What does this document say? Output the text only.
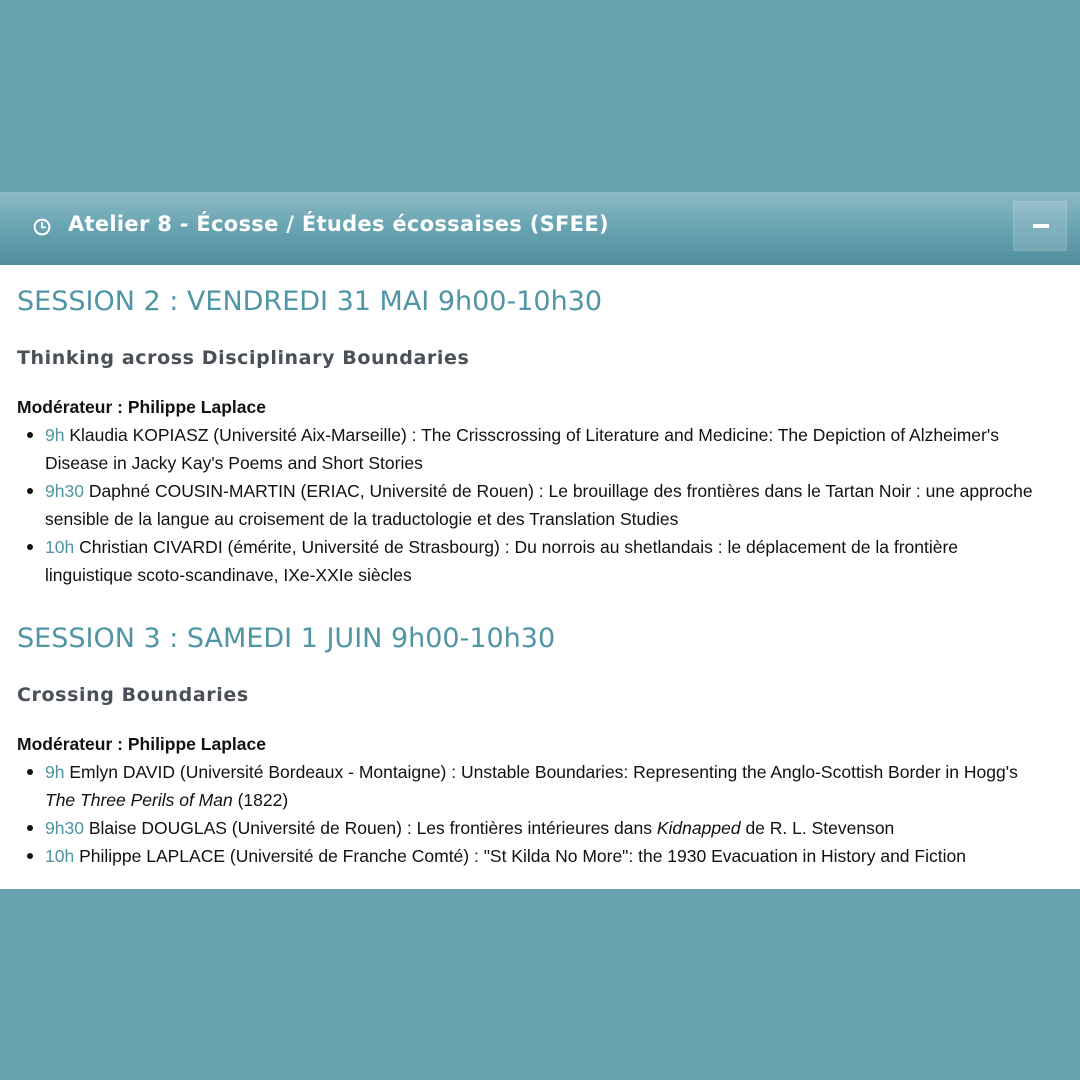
Atelier 8 - Écosse / Études écossaises (SFEE)
SESSION 2 : VENDREDI 31 MAI 9h00-10h30
Thinking across Disciplinary Boundaries
Modérateur : Philippe Laplace
9h Klaudia KOPIASZ (Université Aix-Marseille) : The Crisscrossing of Literature and Medicine: The Depiction of Alzheimer's Disease in Jacky Kay's Poems and Short Stories
9h30 Daphné COUSIN-MARTIN (ERIAC, Université de Rouen) : Le brouillage des frontières dans le Tartan Noir : une approche sensible de la langue au croisement de la traductologie et des Translation Studies
10h Christian CIVARDI (émérite, Université de Strasbourg) : Du norrois au shetlandais : le déplacement de la frontière linguistique scoto-scandinave, IXe-XXIe siècles
SESSION 3 : SAMEDI 1 JUIN 9h00-10h30
Crossing Boundaries
Modérateur : Philippe Laplace
9h Emlyn DAVID (Université Bordeaux - Montaigne) : Unstable Boundaries: Representing the Anglo-Scottish Border in Hogg's The Three Perils of Man (1822)
9h30 Blaise DOUGLAS (Université de Rouen) : Les frontières intérieures dans Kidnapped de R. L. Stevenson
10h Philippe LAPLACE (Université de Franche Comté) : "St Kilda No More": the 1930 Evacuation in History and Fiction
